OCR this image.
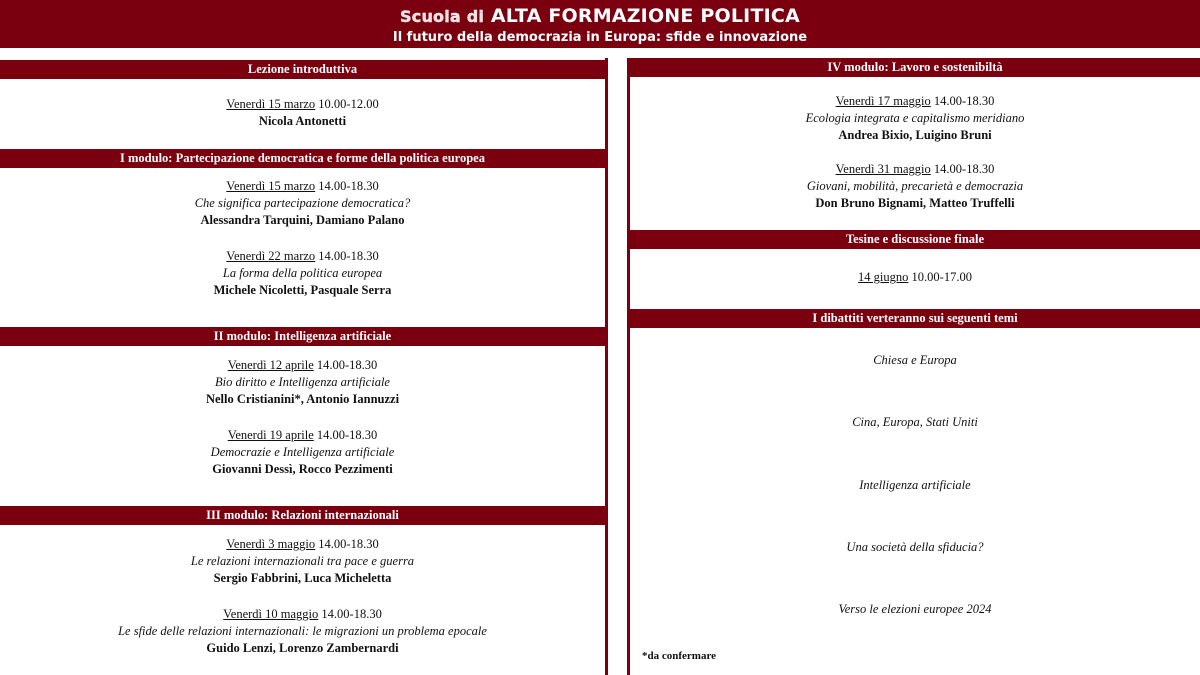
Scuola di ALTA FORMAZIONE POLITICA
Il futuro della democrazia in Europa: sfide e innovazione
Lezione introduttiva
Venerdì 15 marzo 10.00-12.00
Nicola Antonetti
I modulo: Partecipazione democratica e forme della politica europea
Venerdì 15 marzo 14.00-18.30
Che significa partecipazione democratica?
Alessandra Tarquini, Damiano Palano
Venerdì 22 marzo 14.00-18.30
La forma della politica europea
Michele Nicoletti, Pasquale Serra
II modulo: Intelligenza artificiale
Venerdì 12 aprile 14.00-18.30
Bio diritto e Intelligenza artificiale
Nello Cristianini*, Antonio Iannuzzi
Venerdì 19 aprile 14.00-18.30
Democrazie e Intelligenza artificiale
Giovanni Dessì, Rocco Pezzimenti
III modulo: Relazioni internazionali
Venerdì 3 maggio 14.00-18.30
Le relazioni internazionali tra pace e guerra
Sergio Fabbrini, Luca Micheletta
Venerdì 10 maggio 14.00-18.30
Le sfide delle relazioni internazionali: le migrazioni un problema epocale
Guido Lenzi, Lorenzo Zambernardi
IV modulo: Lavoro e sostenibiltà
Venerdì 17 maggio 14.00-18.30
Ecologia integrata e capitalismo meridiano
Andrea Bixio, Luigino Bruni
Venerdì 31 maggio 14.00-18.30
Giovani, mobilità, precarietà e democrazia
Don Bruno Bignami, Matteo Truffelli
Tesine e discussione finale
14 giugno 10.00-17.00
I dibattiti verteranno sui seguenti temi
Chiesa e Europa
Cina, Europa, Stati Uniti
Intelligenza artificiale
Una società della sfiducia?
Verso le elezioni europee 2024
*da confermare
